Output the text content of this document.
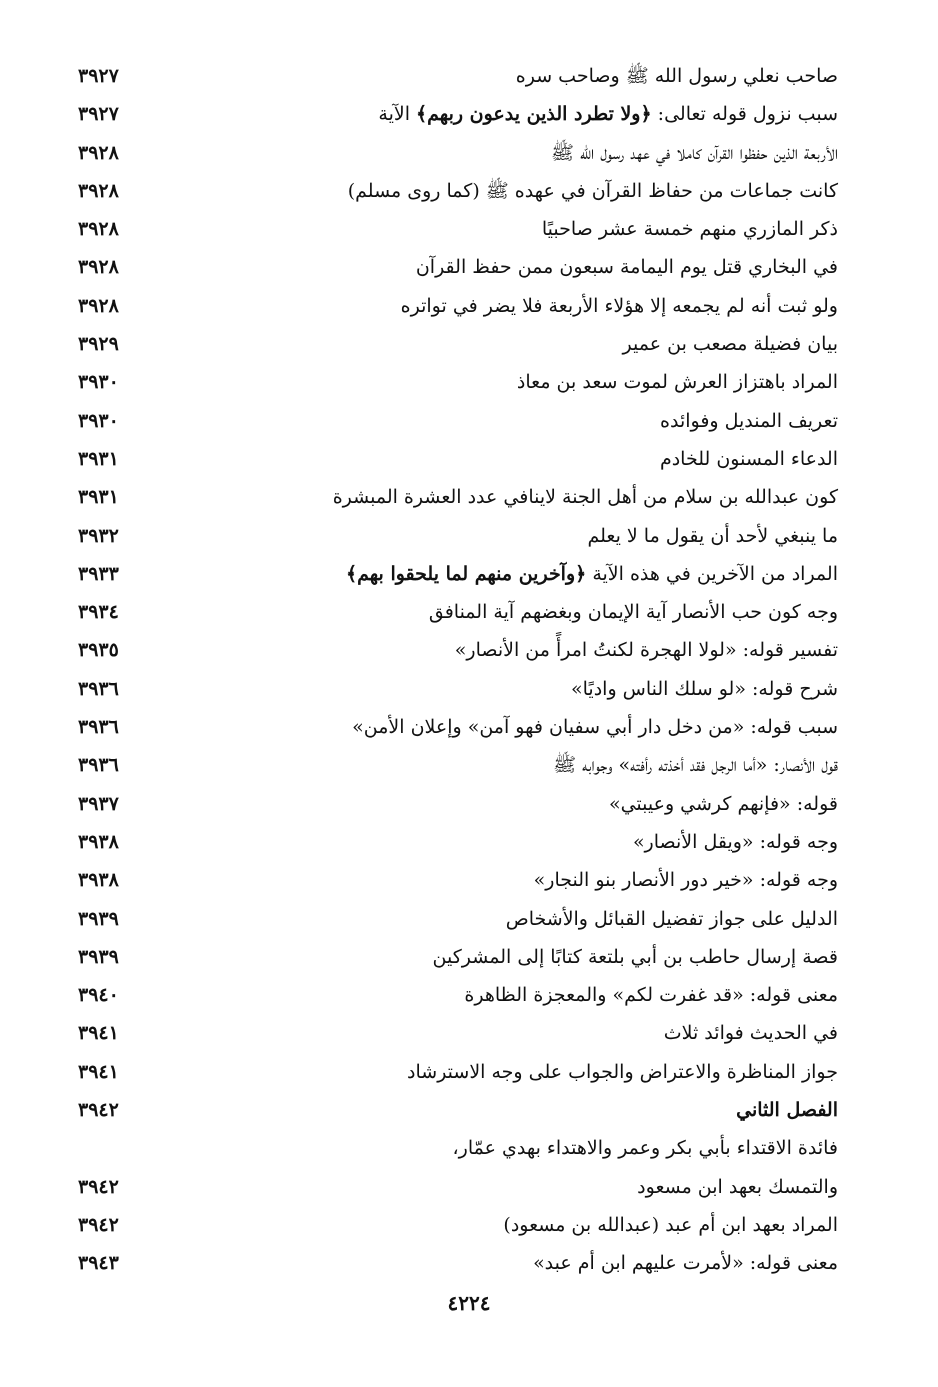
٣٩٢٧	صاحب نعلي رسول الله ﷺ وصاحب سره
٣٩٢٧	سبب نزول قوله تعالى: ﴿ولا تطرد الذين يدعون ربهم﴾ الآية
٣٩٢٨	الأربعة الذين حفظوا القرآن كاملا في عهد رسول الله ﷺ
٣٩٢٨	كانت جماعات من حفاظ القرآن في عهده ﷺ (كما روى مسلم)
٣٩٢٨	ذكر المازري منهم خمسة عشر صاحبيًا
٣٩٢٨	في البخاري قتل يوم اليمامة سبعون ممن حفظ القرآن
٣٩٢٨	ولو ثبت أنه لم يجمعه إلا هؤلاء الأربعة فلا يضر في تواتره
٣٩٢٩	بيان فضيلة مصعب بن عمير
٣٩٣٠	المراد باهتزاز العرش لموت سعد بن معاذ
٣٩٣٠	تعريف المنديل وفوائده
٣٩٣١	الدعاء المسنون للخادم
٣٩٣١	كون عبدالله بن سلام من أهل الجنة لاينافي عدد العشرة المبشرة
٣٩٣٢	ما ينبغي لأحد أن يقول ما لا يعلم
٣٩٣٣	المراد من الآخرين في هذه الآية ﴿وآخرين منهم لما يلحقوا بهم﴾
٣٩٣٤	وجه كون حب الأنصار آية الإيمان وبغضهم آية المنافق
٣٩٣٥	تفسير قوله: «لولا الهجرة لكنتُ امرأً من الأنصار»
٣٩٣٦	شرح قوله: «لو سلك الناس واديًا»
٣٩٣٦	سبب قوله: «من دخل دار أبي سفيان فهو آمن» وإعلان الأمن»
٣٩٣٦	قول الأنصار: «أما الرجل فقد أخذته رأفته» وجوابه ﷺ
٣٩٣٧	قوله: «فإنهم كرشي وعيبتي»
٣٩٣٨	وجه قوله: «ويقل الأنصار»
٣٩٣٨	وجه قوله: «خير دور الأنصار بنو النجار»
٣٩٣٩	الدليل على جواز تفضيل القبائل والأشخاص
٣٩٣٩	قصة إرسال حاطب بن أبي بلتعة كتابًا إلى المشركين
٣٩٤٠	معنى قوله: «قد غفرت لكم» والمعجزة الظاهرة
٣٩٤١	في الحديث فوائد ثلاث
٣٩٤١	جواز المناظرة والاعتراض والجواب على وجه الاسترشاد
٣٩٤٢	الفصل الثاني
فائدة الاقتداء بأبي بكر وعمر والاهتداء بهدي عمّار،
٣٩٤٢	والتمسك بعهد ابن مسعود
٣٩٤٢	المراد بعهد ابن أم عبد (عبدالله بن مسعود)
٣٩٤٣	معنى قوله: «لأمرت عليهم ابن أم عبد»
٤٢٢٤
